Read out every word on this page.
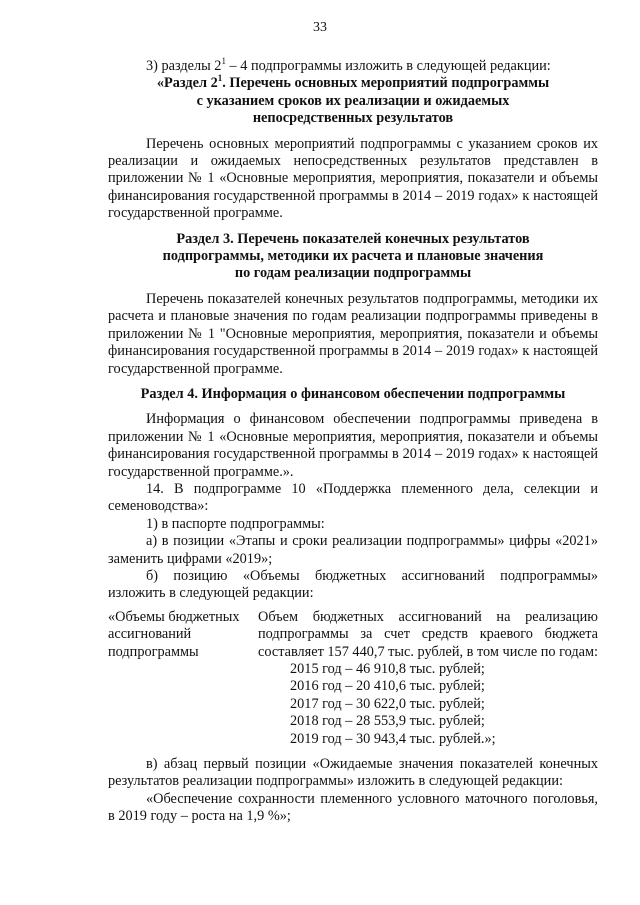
33

3) разделы $2^1 - 4$ подпрограммы изложить в следующей редакции:

«Раздел $2^1$. Перечень основных мероприятий подпрограммы
с указанием сроков их реализации и ожидаемых
непосредственных результатов

Перечень основных мероприятий подпрограммы с указанием сроков их реализации и ожидаемых непосредственных результатов представлен в приложении № 1 «Основные мероприятия, мероприятия, показатели и объемы финансирования государственной программы в 2014 – 2019 годах» к настоящей государственной программе.

Раздел 3. Перечень показателей конечных результатов
подпрограммы, методики их расчета и плановые значения
по годам реализации подпрограммы

Перечень показателей конечных результатов подпрограммы, методики их расчета и плановые значения по годам реализации подпрограммы приведены в приложении № 1 "Основные мероприятия, мероприятия, показатели и объемы финансирования государственной программы в 2014 – 2019 годах» к настоящей государственной программе.

Раздел 4. Информация о финансовом обеспечении подпрограммы

Информация о финансовом обеспечении подпрограммы приведена в приложении № 1 «Основные мероприятия, мероприятия, показатели и объемы финансирования государственной программы в 2014 – 2019 годах» к настоящей государственной программе.».

14. В подпрограмме 10 «Поддержка племенного дела, селекции и семеноводства»:

1) в паспорте подпрограммы:

а) в позиции «Этапы и сроки реализации подпрограммы» цифры «2021» заменить цифрами «2019»;

б) позицию «Объемы бюджетных ассигнований подпрограммы» изложить в следующей редакции:

«Объемы бюджетных ассигнований подпрограммы

Объем бюджетных ассигнований на реализацию подпрограммы за счет средств краевого бюджета составляет 157 440,7 тыс. рублей, в том числе по годам:

2015 год – 46 910,8 тыс. рублей;
2016 год – 20 410,6 тыс. рублей;
2017 год – 30 622,0 тыс. рублей;
2018 год – 28 553,9 тыс. рублей;
2019 год – 30 943,4 тыс. рублей.»;

в) абзац первый позиции «Ожидаемые значения показателей конечных результатов реализации подпрограммы» изложить в следующей редакции:

«Обеспечение сохранности племенного условного маточного поголовья, в 2019 году – роста на 1,9 %»;
